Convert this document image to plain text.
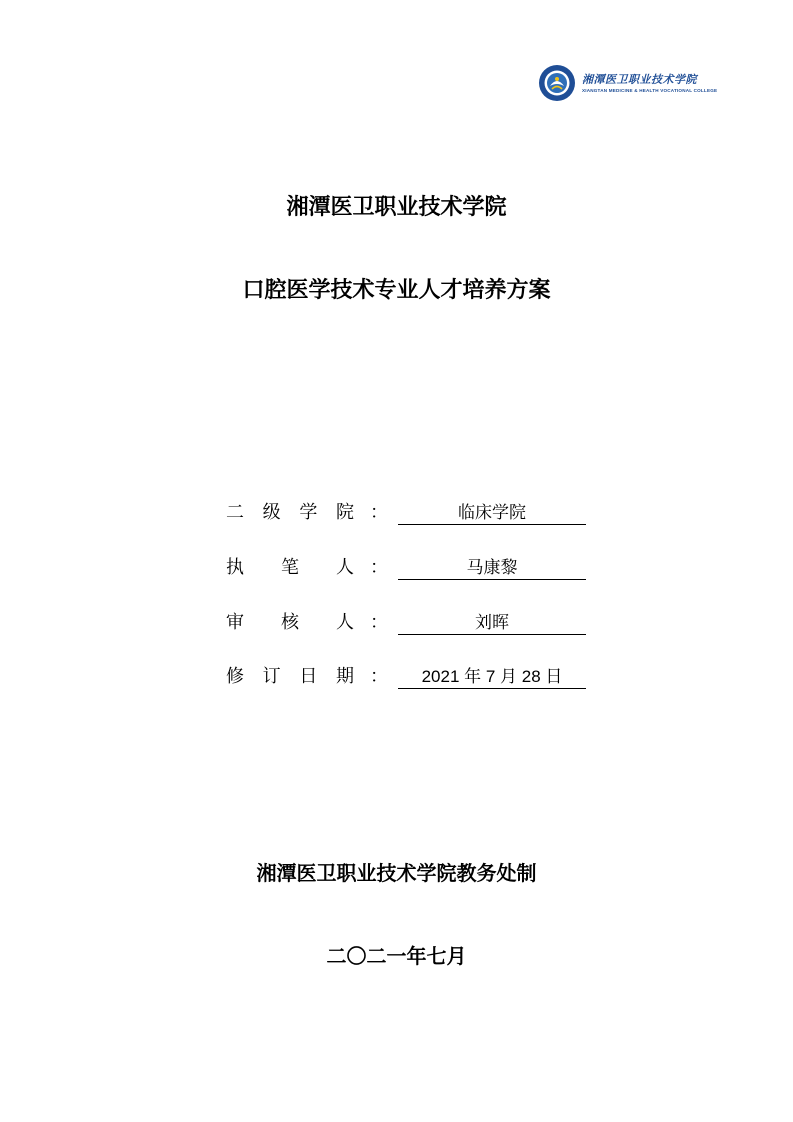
湘潭医卫职业技术学院
XIANGTAN MEDICINE & HEALTH VOCATIONAL COLLEGE
湘潭医卫职业技术学院
口腔医学技术专业人才培养方案
二 级 学 院 ：	临床学院
执 笔 人 ：	马康黎
审 核 人 ：	刘晖
修 订 日 期 ：	2021 年 7 月 28 日
湘潭医卫职业技术学院教务处制
二〇二一年七月
